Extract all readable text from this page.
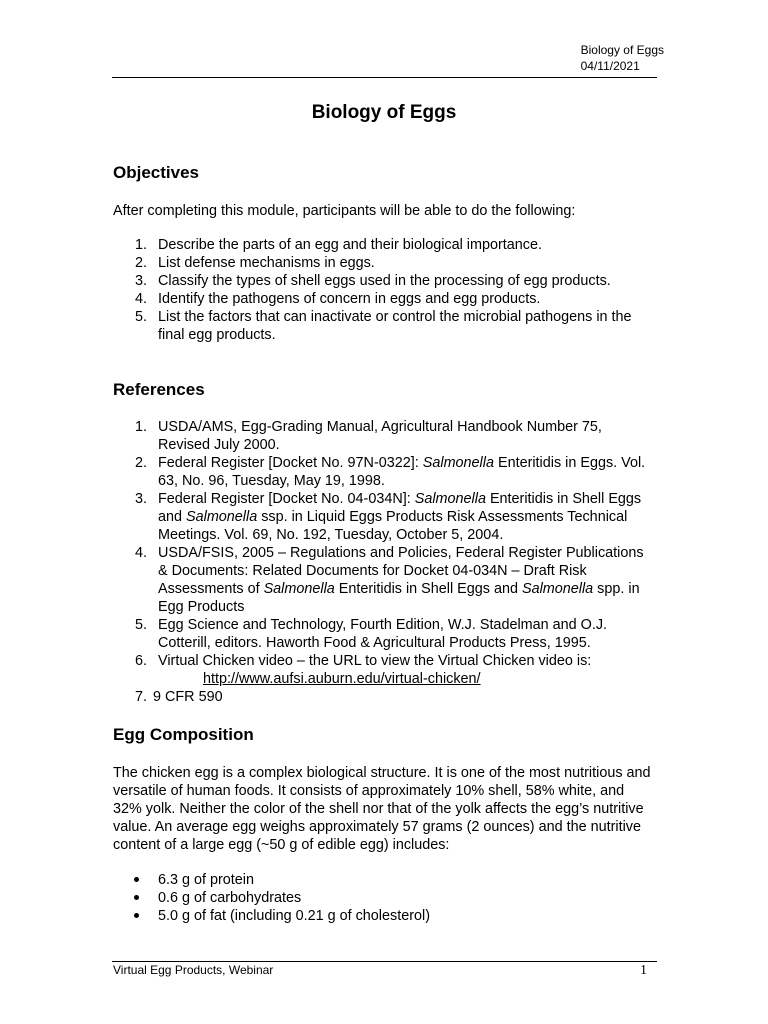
Biology of Eggs
04/11/2021
Biology of Eggs
Objectives

After completing this module, participants will be able to do the following:

1. Describe the parts of an egg and their biological importance.
2. List defense mechanisms in eggs.
3. Classify the types of shell eggs used in the processing of egg products.
4. Identify the pathogens of concern in eggs and egg products.
5. List the factors that can inactivate or control the microbial pathogens in the final egg products.
References
1. USDA/AMS, Egg-Grading Manual, Agricultural Handbook Number 75, Revised July 2000.
2. Federal Register [Docket No. 97N-0322]: Salmonella Enteritidis in Eggs. Vol. 63, No. 96, Tuesday, May 19, 1998.
3. Federal Register [Docket No. 04-034N]: Salmonella Enteritidis in Shell Eggs and Salmonella ssp. in Liquid Eggs Products Risk Assessments Technical Meetings. Vol. 69, No. 192, Tuesday, October 5, 2004.
4. USDA/FSIS, 2005 – Regulations and Policies, Federal Register Publications & Documents: Related Documents for Docket 04-034N – Draft Risk Assessments of Salmonella Enteritidis in Shell Eggs and Salmonella spp. in Egg Products
5. Egg Science and Technology, Fourth Edition, W.J. Stadelman and O.J. Cotterill, editors. Haworth Food & Agricultural Products Press, 1995.
6. Virtual Chicken video – the URL to view the Virtual Chicken video is:
http://www.aufsi.auburn.edu/virtual-chicken/
7. 9 CFR 590
Egg Composition

The chicken egg is a complex biological structure. It is one of the most nutritious and versatile of human foods. It consists of approximately 10% shell, 58% white, and 32% yolk. Neither the color of the shell nor that of the yolk affects the egg’s nutritive value. An average egg weighs approximately 57 grams (2 ounces) and the nutritive content of a large egg (~50 g of edible egg) includes:

6.3 g of protein
0.6 g of carbohydrates
5.0 g of fat (including 0.21 g of cholesterol)
Virtual Egg Products, Webinar	1
